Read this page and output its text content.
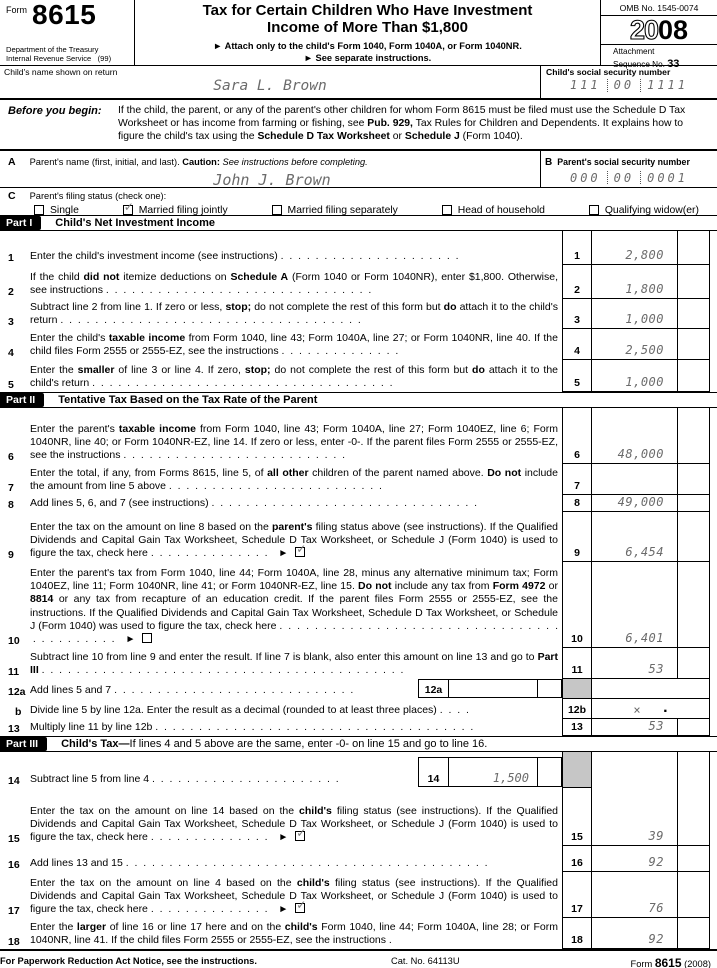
Form 8615
Department of the Treasury
Internal Revenue Service (99)
Tax for Certain Children Who Have Investment
Income of More Than $1,800
► Attach only to the child's Form 1040, Form 1040A, or Form 1040NR.
► See separate instructions.
OMB No. 1545-0074
2008
Attachment
Sequence No. 33
Child's name shown on return
Sara L. Brown
Child's social security number
111 00 1111
Before you begin:	If the child, the parent, or any of the parent's other children for whom Form 8615 must be filed must use the Schedule D Tax Worksheet or has income from farming or fishing, see Pub. 929, Tax Rules for Children and Dependents. It explains how to figure the child's tax using the Schedule D Tax Worksheet or Schedule J (Form 1040).
A Parent's name (first, initial, and last). Caution: See instructions before completing.
John J. Brown
B Parent's social security number
000 00 0001
C Parent's filing status (check one):
Single	✓ Married filing jointly	Married filing separately	Head of household	Qualifying widow(er)
Part I	Child's Net Investment Income
1	Enter the child's investment income (see instructions) .  .  .  .  .  .  .  .  .  .  .  .  .  .  .  .  .  .  .  .  .	1	2,800
2
If the child did not itemize deductions on Schedule A (Form 1040 or Form 1040NR), enter $1,800. Otherwise, see instructions .  .  .  .  .  .  .  .  .  .  .  .  .  .  .  .  .  .  .  .  .  .  .  .  .  .  .  .  .  .  .	2	1,800
3
Subtract line 2 from line 1. If zero or less, stop; do not complete the rest of this form but do attach it to the child's return .  .  .  .  .  .  .  .  .  .  .  .  .  .  .  .  .  .  .  .  .  .  .  .  .  .  .  .  .  .  .  .  .  .  .	3	1,000
4
Enter the child's taxable income from Form 1040, line 43; Form 1040A, line 27; or Form 1040NR, line 40. If the child files Form 2555 or 2555-EZ, see the instructions .  .  .  .  .  .  .  .  .  .  .  .  .  .	4	2,500
5
Enter the smaller of line 3 or line 4. If zero, stop; do not complete the rest of this form but do attach it to the child's return .  .  .  .  .  .  .  .  .  .  .  .  .  .  .  .  .  .  .  .  .  .  .  .  .  .  .  .  .  .  .  .  .  .  .	5	1,000
Part II	Tentative Tax Based on the Tax Rate of the Parent
6
Enter the parent's taxable income from Form 1040, line 43; Form 1040A, line 27; Form 1040EZ, line 6; Form 1040NR, line 40; or Form 1040NR-EZ, line 14. If zero or less, enter -0-. If the parent files Form 2555 or 2555-EZ, see the instructions .  .  .  .  .  .  .  .  .  .  .  .  .  .  .  .  .  .  .  .  .  .  .  .  .  .	6	48,000
7
Enter the total, if any, from Forms 8615, line 5, of all other children of the parent named above. Do not include the amount from line 5 above .  .  .  .  .  .  .  .  .  .  .  .  .  .  .  .  .  .  .  .  .  .  .  .  .	7
8	Add lines 5, 6, and 7 (see instructions) .  .  .  .  .  .  .  .  .  .  .  .  .  .  .  .  .  .  .  .  .  .  .  .  .  .  .  .  .  .  .	8	49,000
9
Enter the tax on the amount on line 8 based on the parent's filing status above (see instructions). If the Qualified Dividends and Capital Gain Tax Worksheet, Schedule D Tax Worksheet, or Schedule J (Form 1040) is used to figure the tax, check here .  .  .  .  .  .  .  .  .  .  .  .  .  .  ► ✓	9	6,454
10
Enter the parent's tax from Form 1040, line 44; Form 1040A, line 28, minus any alternative minimum tax; Form 1040EZ, line 11; Form 1040NR, line 41; or Form 1040NR-EZ, line 15. Do not include any tax from Form 4972 or 8814 or any tax from recapture of an education credit. If the parent files Form 2555 or 2555-EZ, see the instructions. If the Qualified Dividends and Capital Gain Tax Worksheet, Schedule D Tax Worksheet, or Schedule J (Form 1040) was used to figure the tax, check here .  .  .  .  .  .  .  .  .  .  .  .  .  .  .  .  .  .  .  .  .  .  .  .  .  .  .  .  .  .  .  .  .  .  .  .  .  .  .  .  .  .  ►	10	6,401
11
Subtract line 10 from line 9 and enter the result. If line 7 is blank, also enter this amount on line 13 and go to Part III .  .  .  .  .  .  .  .  .  .  .  .  .  .  .  .  .  .  .  .  .  .  .  .  .  .  .  .  .  .  .  .  .  .  .  .  .  .  .  .  .  .	11	53
12a Add lines 5 and 7 .  .  .  .  .  .  .  .  .  .  .  .  .  .  .  .  .  .  .  .  .  .  .  .  .  .  .  .	12a
b Divide line 5 by line 12a. Enter the result as a decimal (rounded to at least three places) .  .  .  .	12b	× .
13 Multiply line 11 by line 12b .  .  .  .  .  .  .  .  .  .  .  .  .  .  .  .  .  .  .  .  .  .  .  .  .  .  .  .  .  .  .  .  .  .  .  .  .	13	53
Part III	Child's Tax— If lines 4 and 5 above are the same, enter -0- on line 15 and go to line 16.
14 Subtract line 5 from line 4 .  .  .  .  .  .  .  .  .  .  .  .  .  .  .  .  .  .  .  .  .  .	14	1,500
15
Enter the tax on the amount on line 14 based on the child's filing status (see instructions). If the Qualified Dividends and Capital Gain Tax Worksheet, Schedule D Tax Worksheet, or Schedule J (Form 1040) is used to figure the tax, check here .  .  .  .  .  .  .  .  .  .  .  .  .  .  ► ✓	15	39
16 Add lines 13 and 15 .  .  .  .  .  .  .  .  .  .  .  .  .  .  .  .  .  .  .  .  .  .  .  .  .  .  .  .  .  .  .  .  .  .  .  .  .  .  .  .  .  .	16	92
17
Enter the tax on the amount on line 4 based on the child's filing status (see instructions). If the Qualified Dividends and Capital Gain Tax Worksheet, Schedule D Tax Worksheet, or Schedule J (Form 1040) is used to figure the tax, check here .  .  .  .  .  .  .  .  .  .  .  .  .  .  ► ✓	17	76
18
Enter the larger of line 16 or line 17 here and on the child's Form 1040, line 44; Form 1040A, line 28; or Form 1040NR, line 41. If the child files Form 2555 or 2555-EZ, see the instructions .	18	92
For Paperwork Reduction Act Notice, see the instructions.	Cat. No. 64113U	Form 8615 (2008)
